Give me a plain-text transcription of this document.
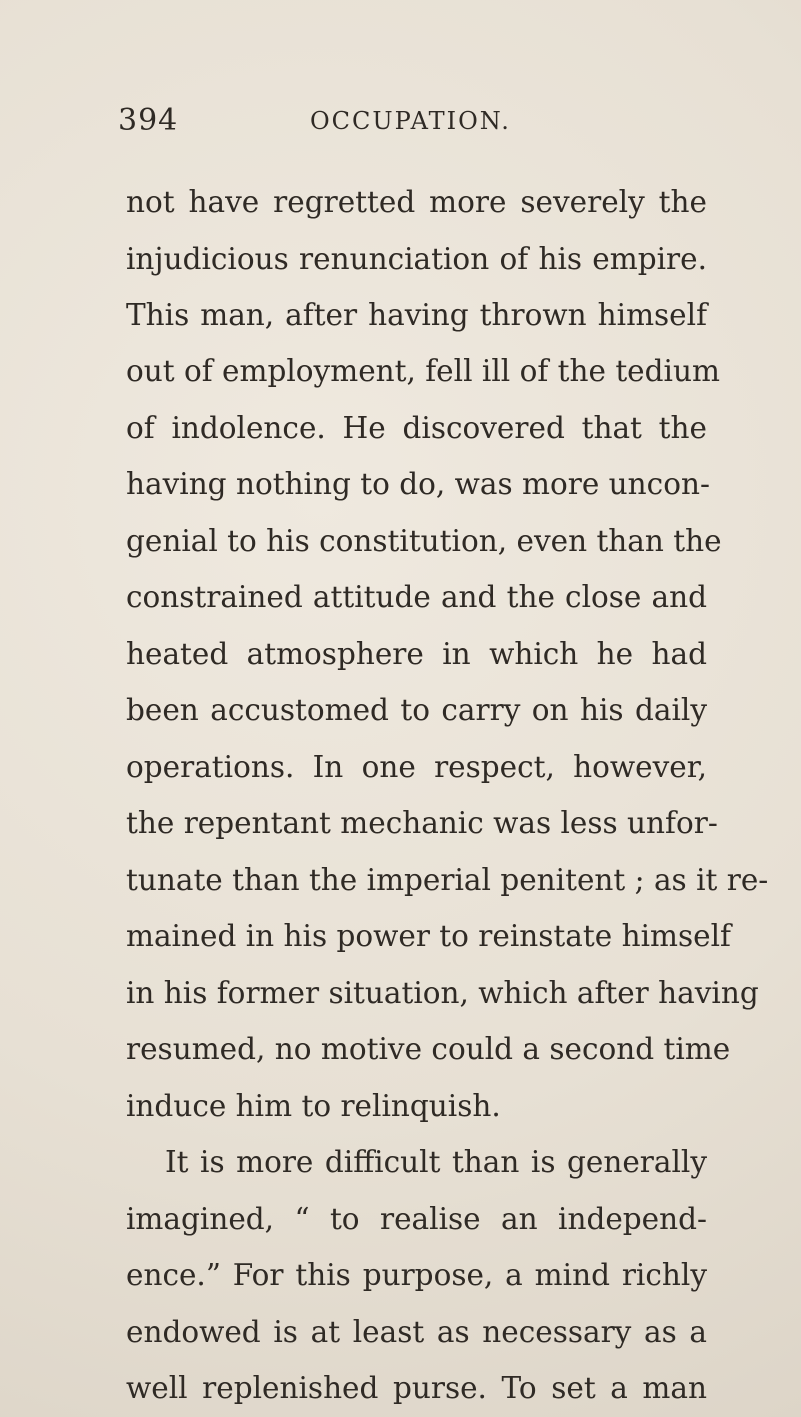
394	OCCUPATION.
not have regretted more severely the
injudicious renunciation of his empire.
This man, after having thrown himself
out of employment, fell ill of the tedium
of indolence. He discovered that the
having nothing to do, was more uncon-
genial to his constitution, even than the
constrained attitude and the close and
heated atmosphere in which he had
been accustomed to carry on his daily
operations. In one respect, however,
the repentant mechanic was less unfor-
tunate than the imperial penitent ; as it re-
mained in his power to reinstate himself
in his former situation, which after having
resumed, no motive could a second time
induce him to relinquish.
It is more difficult than is generally
imagined, “ to realise an independ-
ence.” For this purpose, a mind richly
endowed is at least as necessary as a
well replenished purse. To set a man
